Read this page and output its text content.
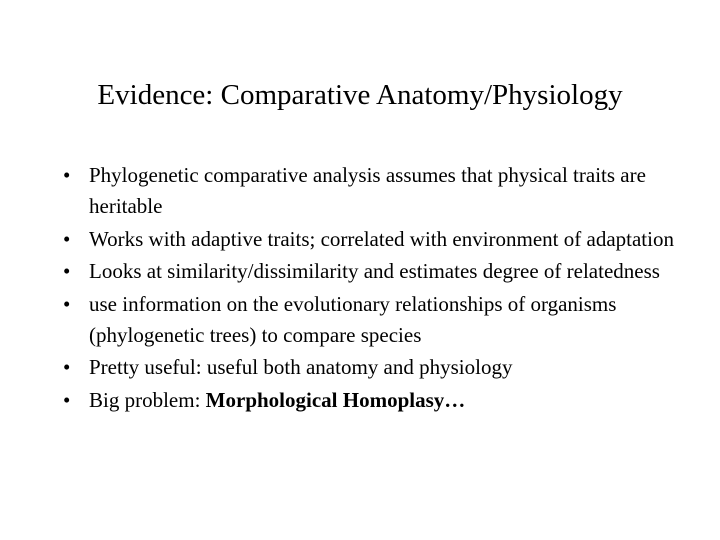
Evidence: Comparative Anatomy/Physiology
• Phylogenetic comparative analysis assumes that physical traits are heritable
• Works with adaptive traits; correlated with environment of adaptation
• Looks at similarity/dissimilarity and estimates degree of relatedness
• use information on the evolutionary relationships of organisms (phylogenetic trees) to compare species
• Pretty useful: useful both anatomy and physiology
• Big problem: Morphological Homoplasy…
